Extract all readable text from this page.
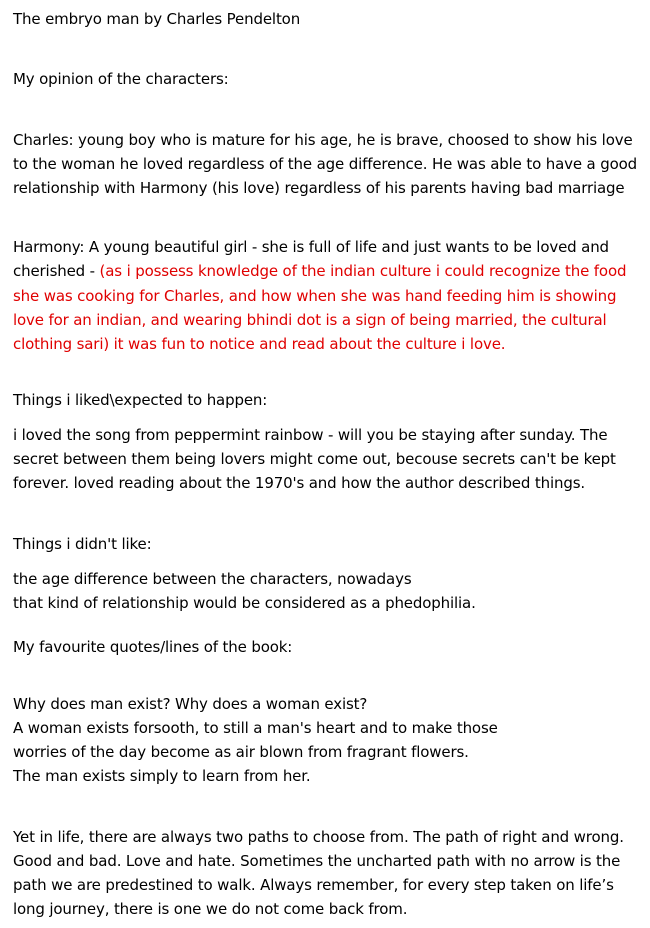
The embryo man by Charles Pendelton
My opinion of the characters:
Charles: young boy who is mature for his age, he is brave, choosed to show his love
to the woman he loved regardless of the age difference. He was able to have a good
relationship with Harmony (his love) regardless of his parents having bad marriage
Harmony: A young beautiful girl - she is full of life and just wants to be loved and
cherished - (as i possess knowledge of the indian culture i could recognize the food
she was cooking for Charles, and how when she was hand feeding him is showing
love for an indian, and wearing bhindi dot is a sign of being married, the cultural
clothing sari) it was fun to notice and read about the culture i love.
Things i liked\expected to happen:
i loved the song from peppermint rainbow - will you be staying after sunday. The
secret between them being lovers might come out, becouse secrets can't be kept
forever. loved reading about the 1970's and how the author described things.
Things i didn't like:
the age difference between the characters, nowadays
that kind of relationship would be considered as a phedophilia.
My favourite quotes/lines of the book:
Why does man exist? Why does a woman exist?
A woman exists forsooth, to still a man's heart and to make those
worries of the day become as air blown from fragrant flowers.
The man exists simply to learn from her.
Yet in life, there are always two paths to choose from. The path of right and wrong.
Good and bad. Love and hate. Sometimes the uncharted path with no arrow is the
path we are predestined to walk. Always remember, for every step taken on life’s
long journey, there is one we do not come back from.
